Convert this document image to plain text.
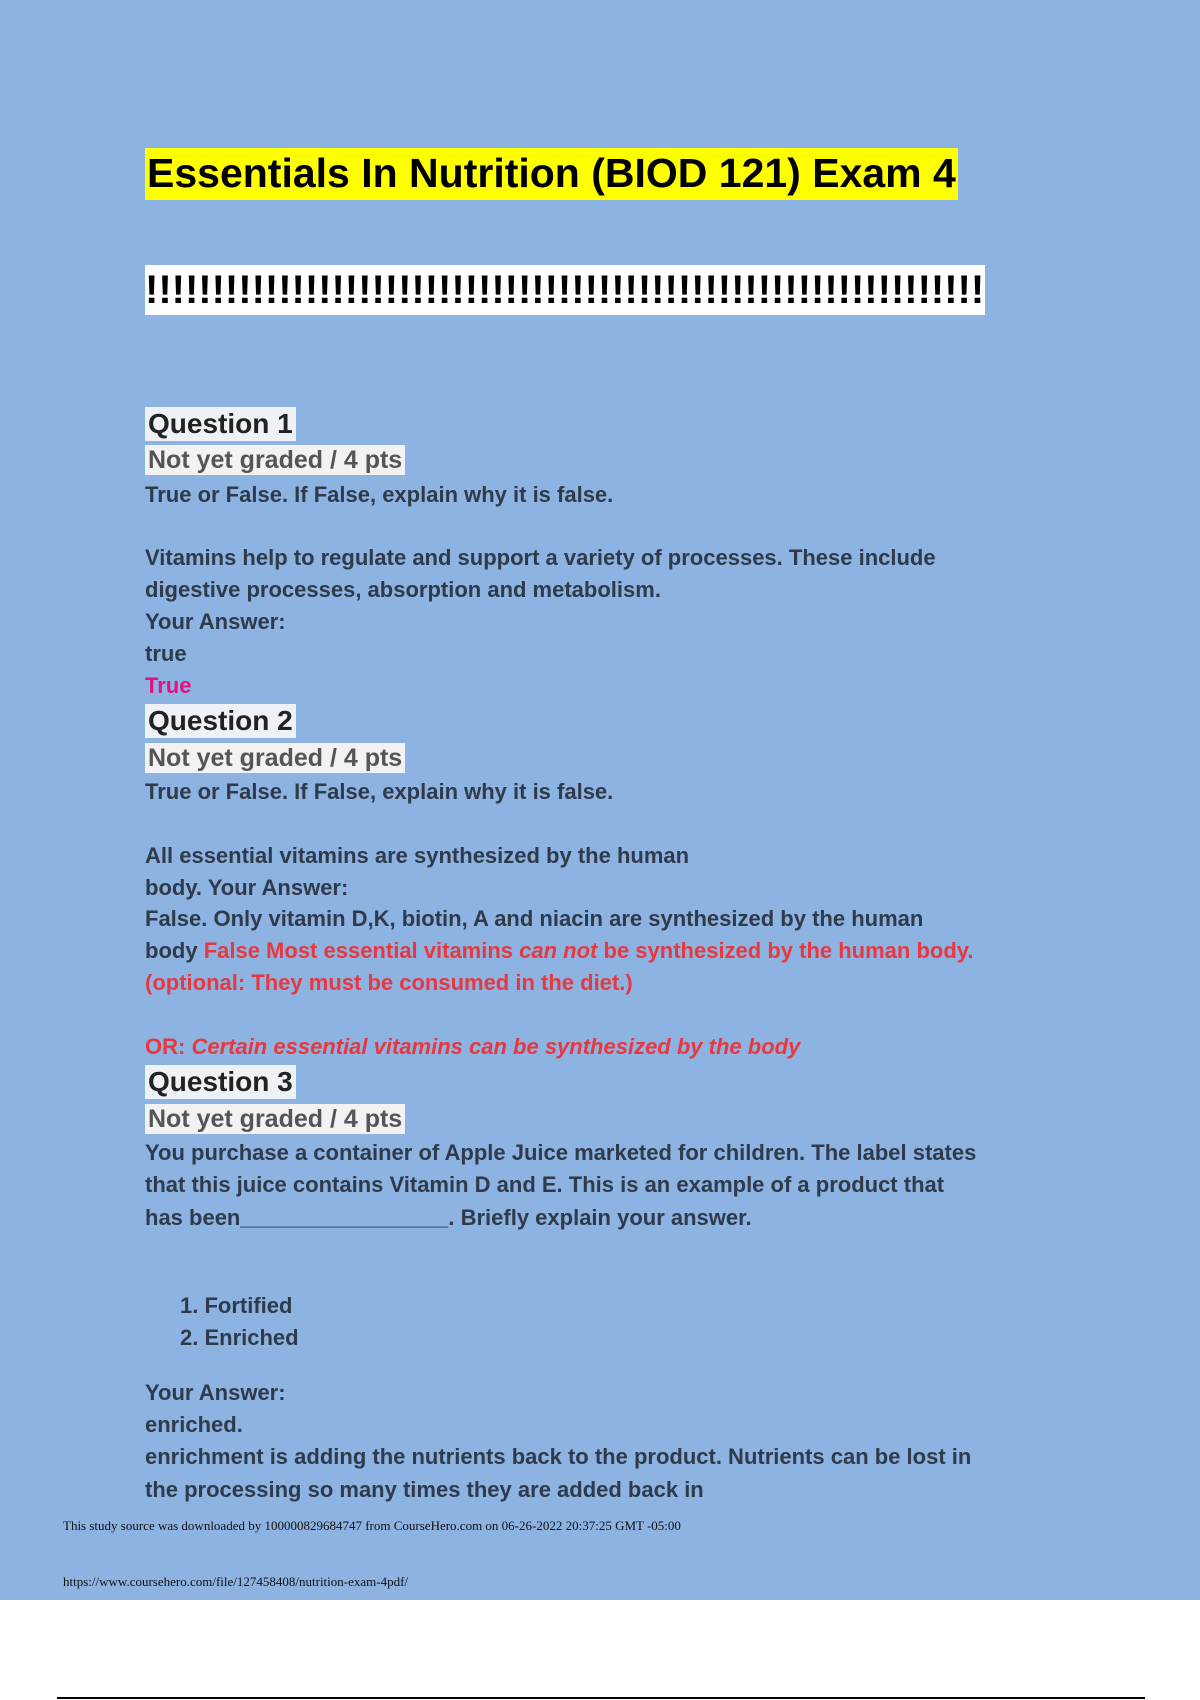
Essentials In Nutrition (BIOD 121) Exam 4
!!!!!!!!!!!!!!!!!!!!!!!!!!!!!!!!!!!!!!!!!!!!!!!!!!!!!!!!!!!!!!!
Question 1
Not yet graded / 4 pts
True or False. If False, explain why it is false.
Vitamins help to regulate and support a variety of processes. These include
digestive processes, absorption and metabolism.
Your Answer:
true
True
Question 2
Not yet graded / 4 pts
True or False. If False, explain why it is false.
All essential vitamins are synthesized by the human
body. Your Answer:
False. Only vitamin D,K, biotin, A and niacin are synthesized by the human
body False Most essential vitamins can not be synthesized by the human body.
(optional: They must be consumed in the diet.)
OR: Certain essential vitamins can be synthesized by the body
Question 3
Not yet graded / 4 pts
You purchase a container of Apple Juice marketed for children. The label states
that this juice contains Vitamin D and E. This is an example of a product that
has been_________________. Briefly explain your answer.
1. Fortified
2. Enriched
Your Answer:
enriched.
enrichment is adding the nutrients back to the product. Nutrients can be lost in
the processing so many times they are added back in
This study source was downloaded by 100000829684747 from CourseHero.com on 06-26-2022 20:37:25 GMT -05:00
https://www.coursehero.com/file/127458408/nutrition-exam-4pdf/
